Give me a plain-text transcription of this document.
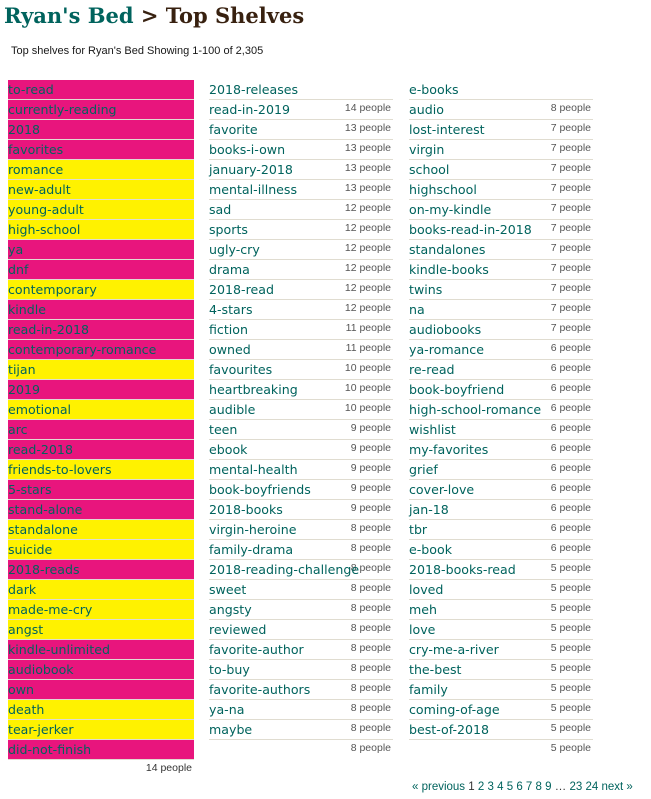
Ryan's Bed > Top Shelves
Top shelves for Ryan's Bed Showing 1-100 of 2,305
to-read
currently-reading
2018
favorites
romance
new-adult
young-adult
high-school
ya
dnf
contemporary
kindle
read-in-2018
contemporary-romance
tijan
2019
emotional
arc
read-2018
friends-to-lovers
5-stars
stand-alone
standalone
suicide
2018-reads
dark
made-me-cry
angst
kindle-unlimited
audiobook
own
death
tear-jerker
did-not-finish
14 people
2018-releases
14 people
read-in-2019
13 people
favorite
13 people
books-i-own
13 people
january-2018
13 people
mental-illness
12 people
sad
12 people
sports
12 people
ugly-cry
12 people
drama
12 people
2018-read
12 people
4-stars
11 people
fiction
11 people
owned
10 people
favourites
10 people
heartbreaking
10 people
audible
9 people
teen
9 people
ebook
9 people
mental-health
9 people
book-boyfriends
9 people
2018-books
8 people
virgin-heroine
8 people
family-drama
8 people
2018-reading-challenge
8 people
sweet
8 people
angsty
8 people
reviewed
8 people
favorite-author
8 people
to-buy
8 people
favorite-authors
8 people
ya-na
8 people
maybe
8 people
e-books
8 people
audio
7 people
lost-interest
7 people
virgin
7 people
school
7 people
highschool
7 people
on-my-kindle
7 people
books-read-in-2018
7 people
standalones
7 people
kindle-books
7 people
twins
7 people
na
7 people
audiobooks
6 people
ya-romance
6 people
re-read
6 people
book-boyfriend
6 people
high-school-romance
6 people
wishlist
6 people
my-favorites
6 people
grief
6 people
cover-love
6 people
jan-18
6 people
tbr
6 people
e-book
5 people
2018-books-read
5 people
loved
5 people
meh
5 people
love
5 people
cry-me-a-river
5 people
the-best
5 people
family
5 people
coming-of-age
5 people
best-of-2018
5 people
« previous 1 2 3 4 5 6 7 8 9 … 23 24 next »
